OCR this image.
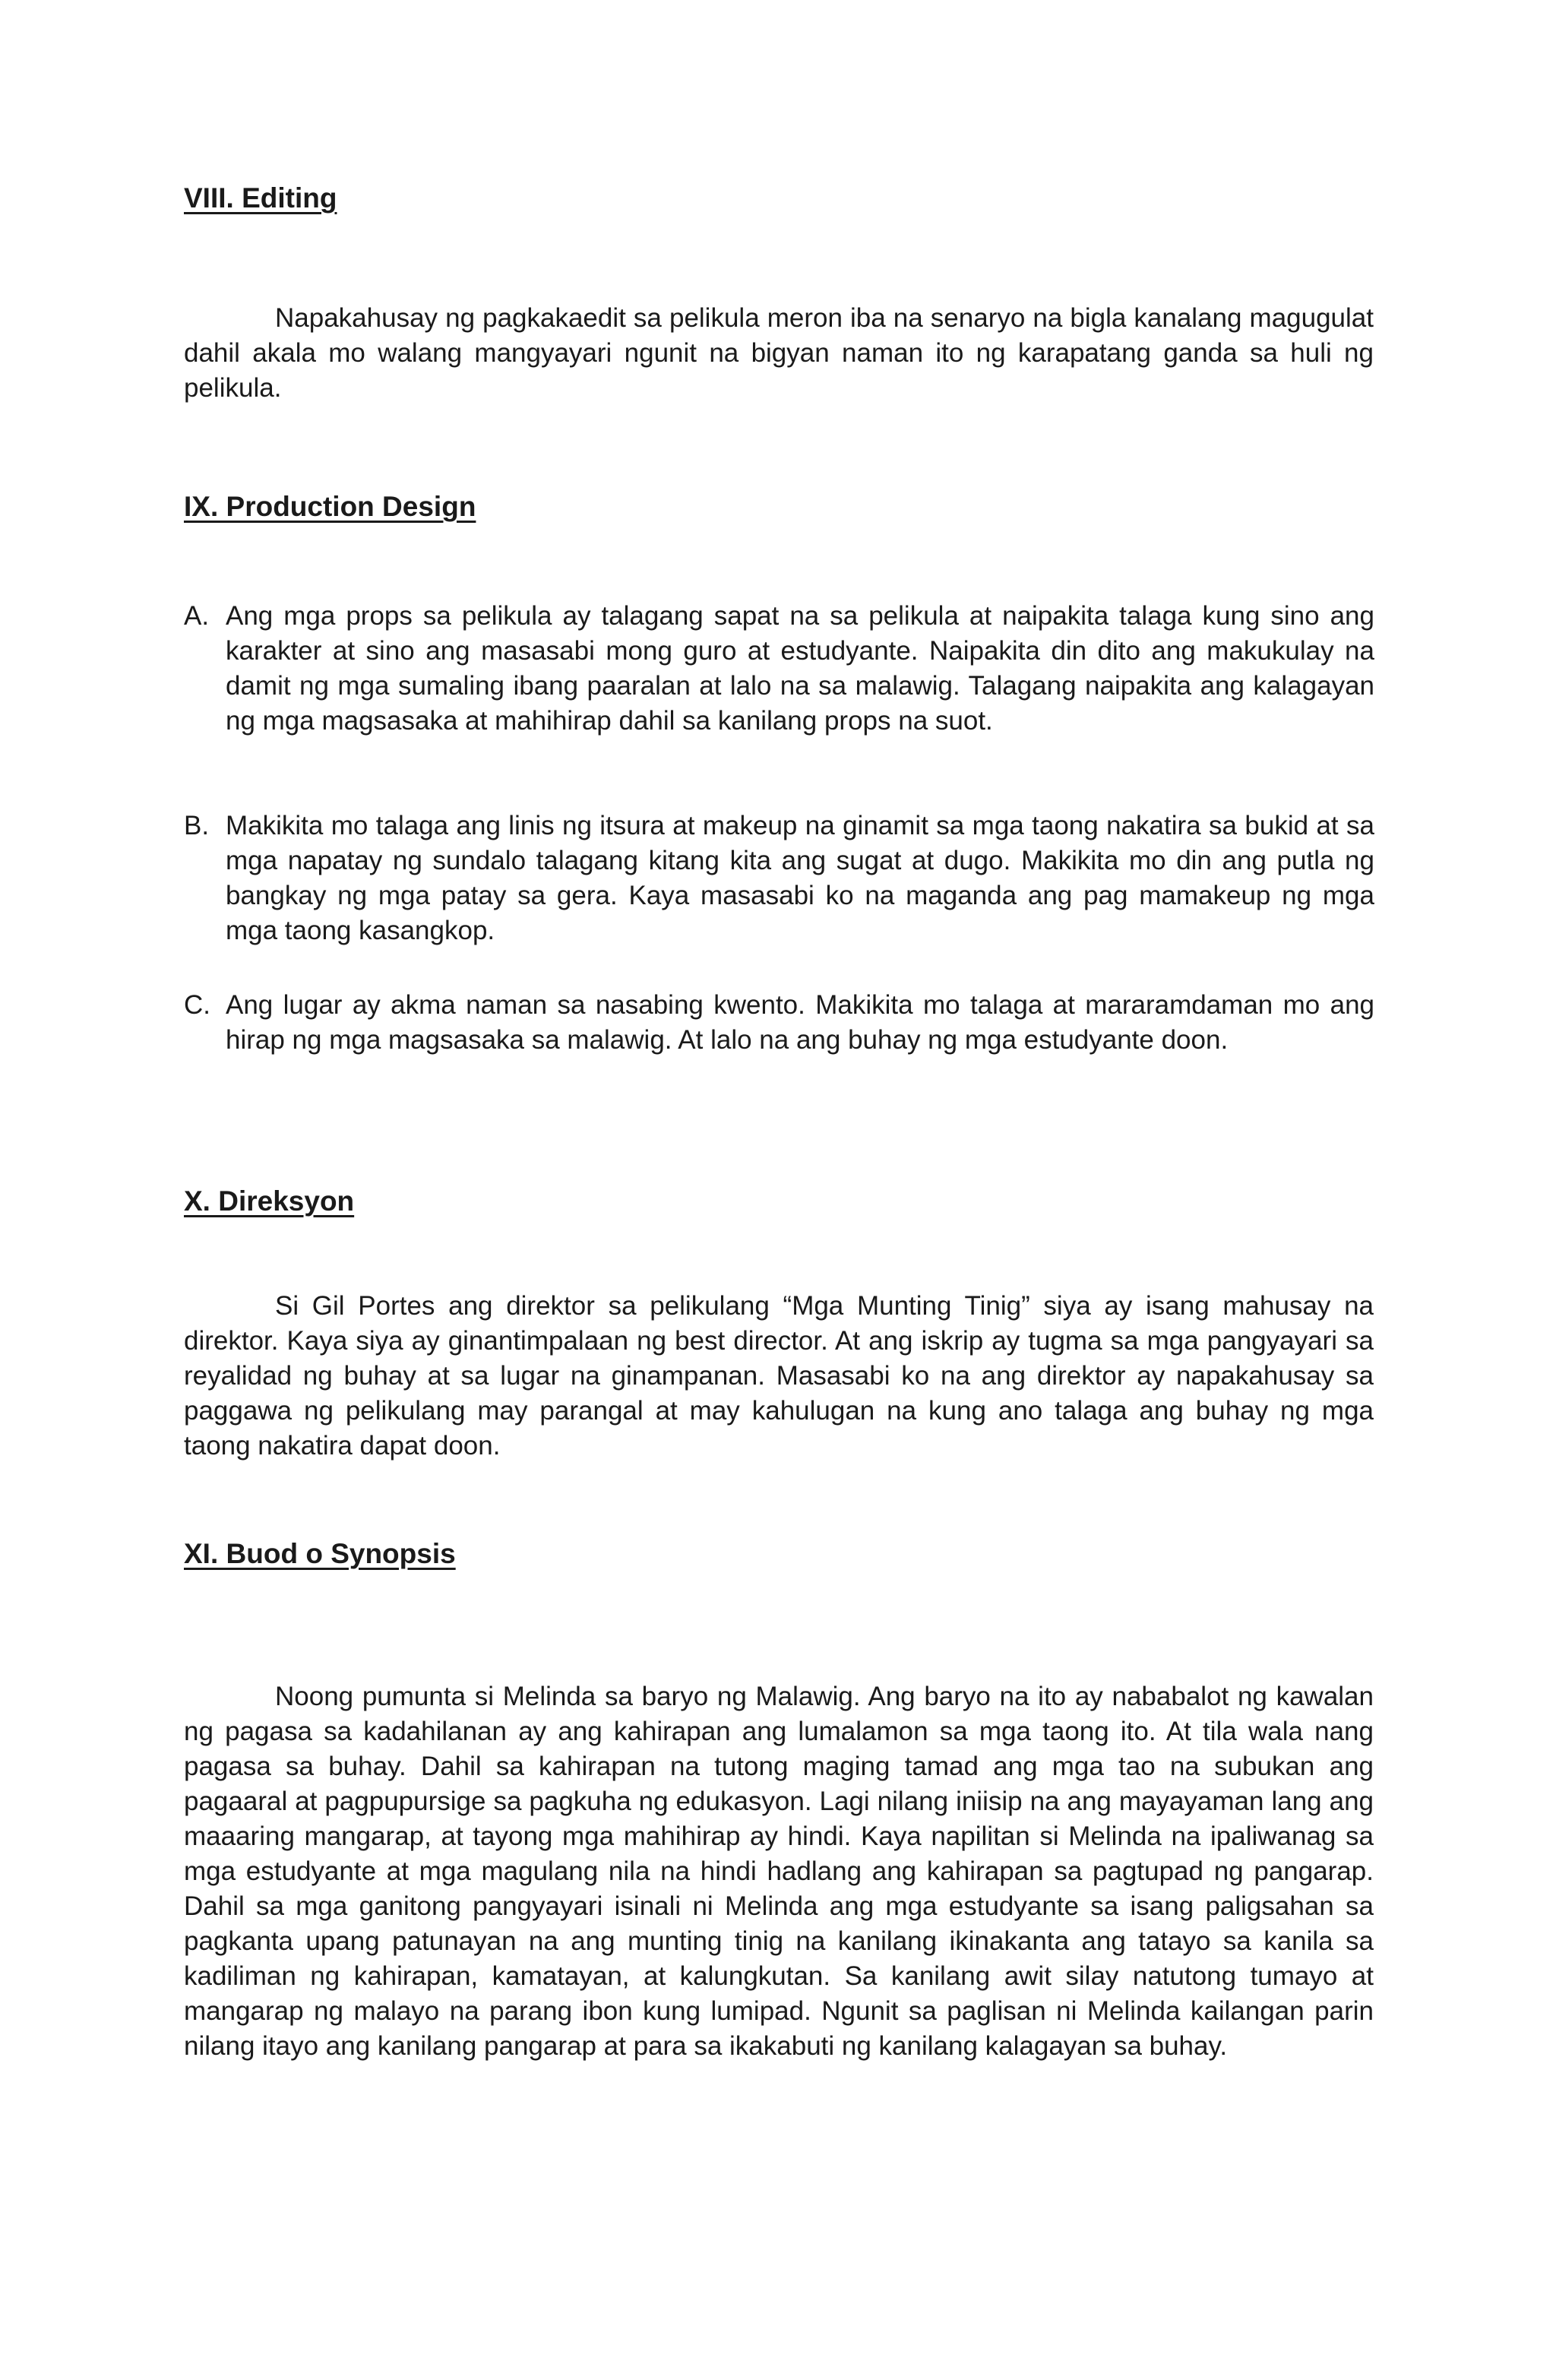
VIII. Editing

Napakahusay ng pagkakaedit sa pelikula meron iba na senaryo na bigla kanalang magugulat dahil akala mo walang mangyayari ngunit na bigyan naman ito ng karapatang ganda sa huli ng pelikula.

IX. Production Design
A. Ang mga props sa pelikula ay talagang sapat na sa pelikula at naipakita talaga kung sino ang karakter at sino ang masasabi mong guro at estudyante. Naipakita din dito ang makukulay na damit ng mga sumaling ibang paaralan at lalo na sa malawig. Talagang naipakita ang kalagayan ng mga magsasaka at mahihirap dahil sa kanilang props na suot.
B. Makikita mo talaga ang linis ng itsura at makeup na ginamit sa mga taong nakatira sa bukid at sa mga napatay ng sundalo talagang kitang kita ang sugat at dugo. Makikita mo din ang putla ng bangkay ng mga patay sa gera. Kaya masasabi ko na maganda ang pag mamakeup ng mga mga taong kasangkop.
C. Ang lugar ay akma naman sa nasabing kwento. Makikita mo talaga at mararamdaman mo ang hirap ng mga magsasaka sa malawig. At lalo na ang buhay ng mga estudyante doon.
X. Direksyon

Si Gil Portes ang direktor sa pelikulang “Mga Munting Tinig” siya ay isang mahusay na direktor. Kaya siya ay ginantimpalaan ng best director. At ang iskrip ay tugma sa mga pangyayari sa reyalidad ng buhay at sa lugar na ginampanan. Masasabi ko na ang direktor ay napakahusay sa paggawa ng pelikulang may parangal at may kahulugan na kung ano talaga ang buhay ng mga taong nakatira dapat doon.

XI. Buod o Synopsis

Noong pumunta si Melinda sa baryo ng Malawig. Ang baryo na ito ay nababalot ng kawalan ng pagasa sa kadahilanan ay ang kahirapan ang lumalamon sa mga taong ito. At tila wala nang pagasa sa buhay. Dahil sa kahirapan na tutong maging tamad ang mga tao na subukan ang pagaaral at pagpupursige sa pagkuha ng edukasyon. Lagi nilang iniisip na ang mayayaman lang ang maaaring mangarap, at tayong mga mahihirap ay hindi. Kaya napilitan si Melinda na ipaliwanag sa mga estudyante at mga magulang nila na hindi hadlang ang kahirapan sa pagtupad ng pangarap. Dahil sa mga ganitong pangyayari isinali ni Melinda ang mga estudyante sa isang paligsahan sa pagkanta upang patunayan na ang munting tinig na kanilang ikinakanta ang tatayo sa kanila sa kadiliman ng kahirapan, kamatayan, at kalungkutan. Sa kanilang awit silay natutong tumayo at mangarap ng malayo na parang ibon kung lumipad. Ngunit sa paglisan ni Melinda kailangan parin nilang itayo ang kanilang pangarap at para sa ikakabuti ng kanilang kalagayan sa buhay.
